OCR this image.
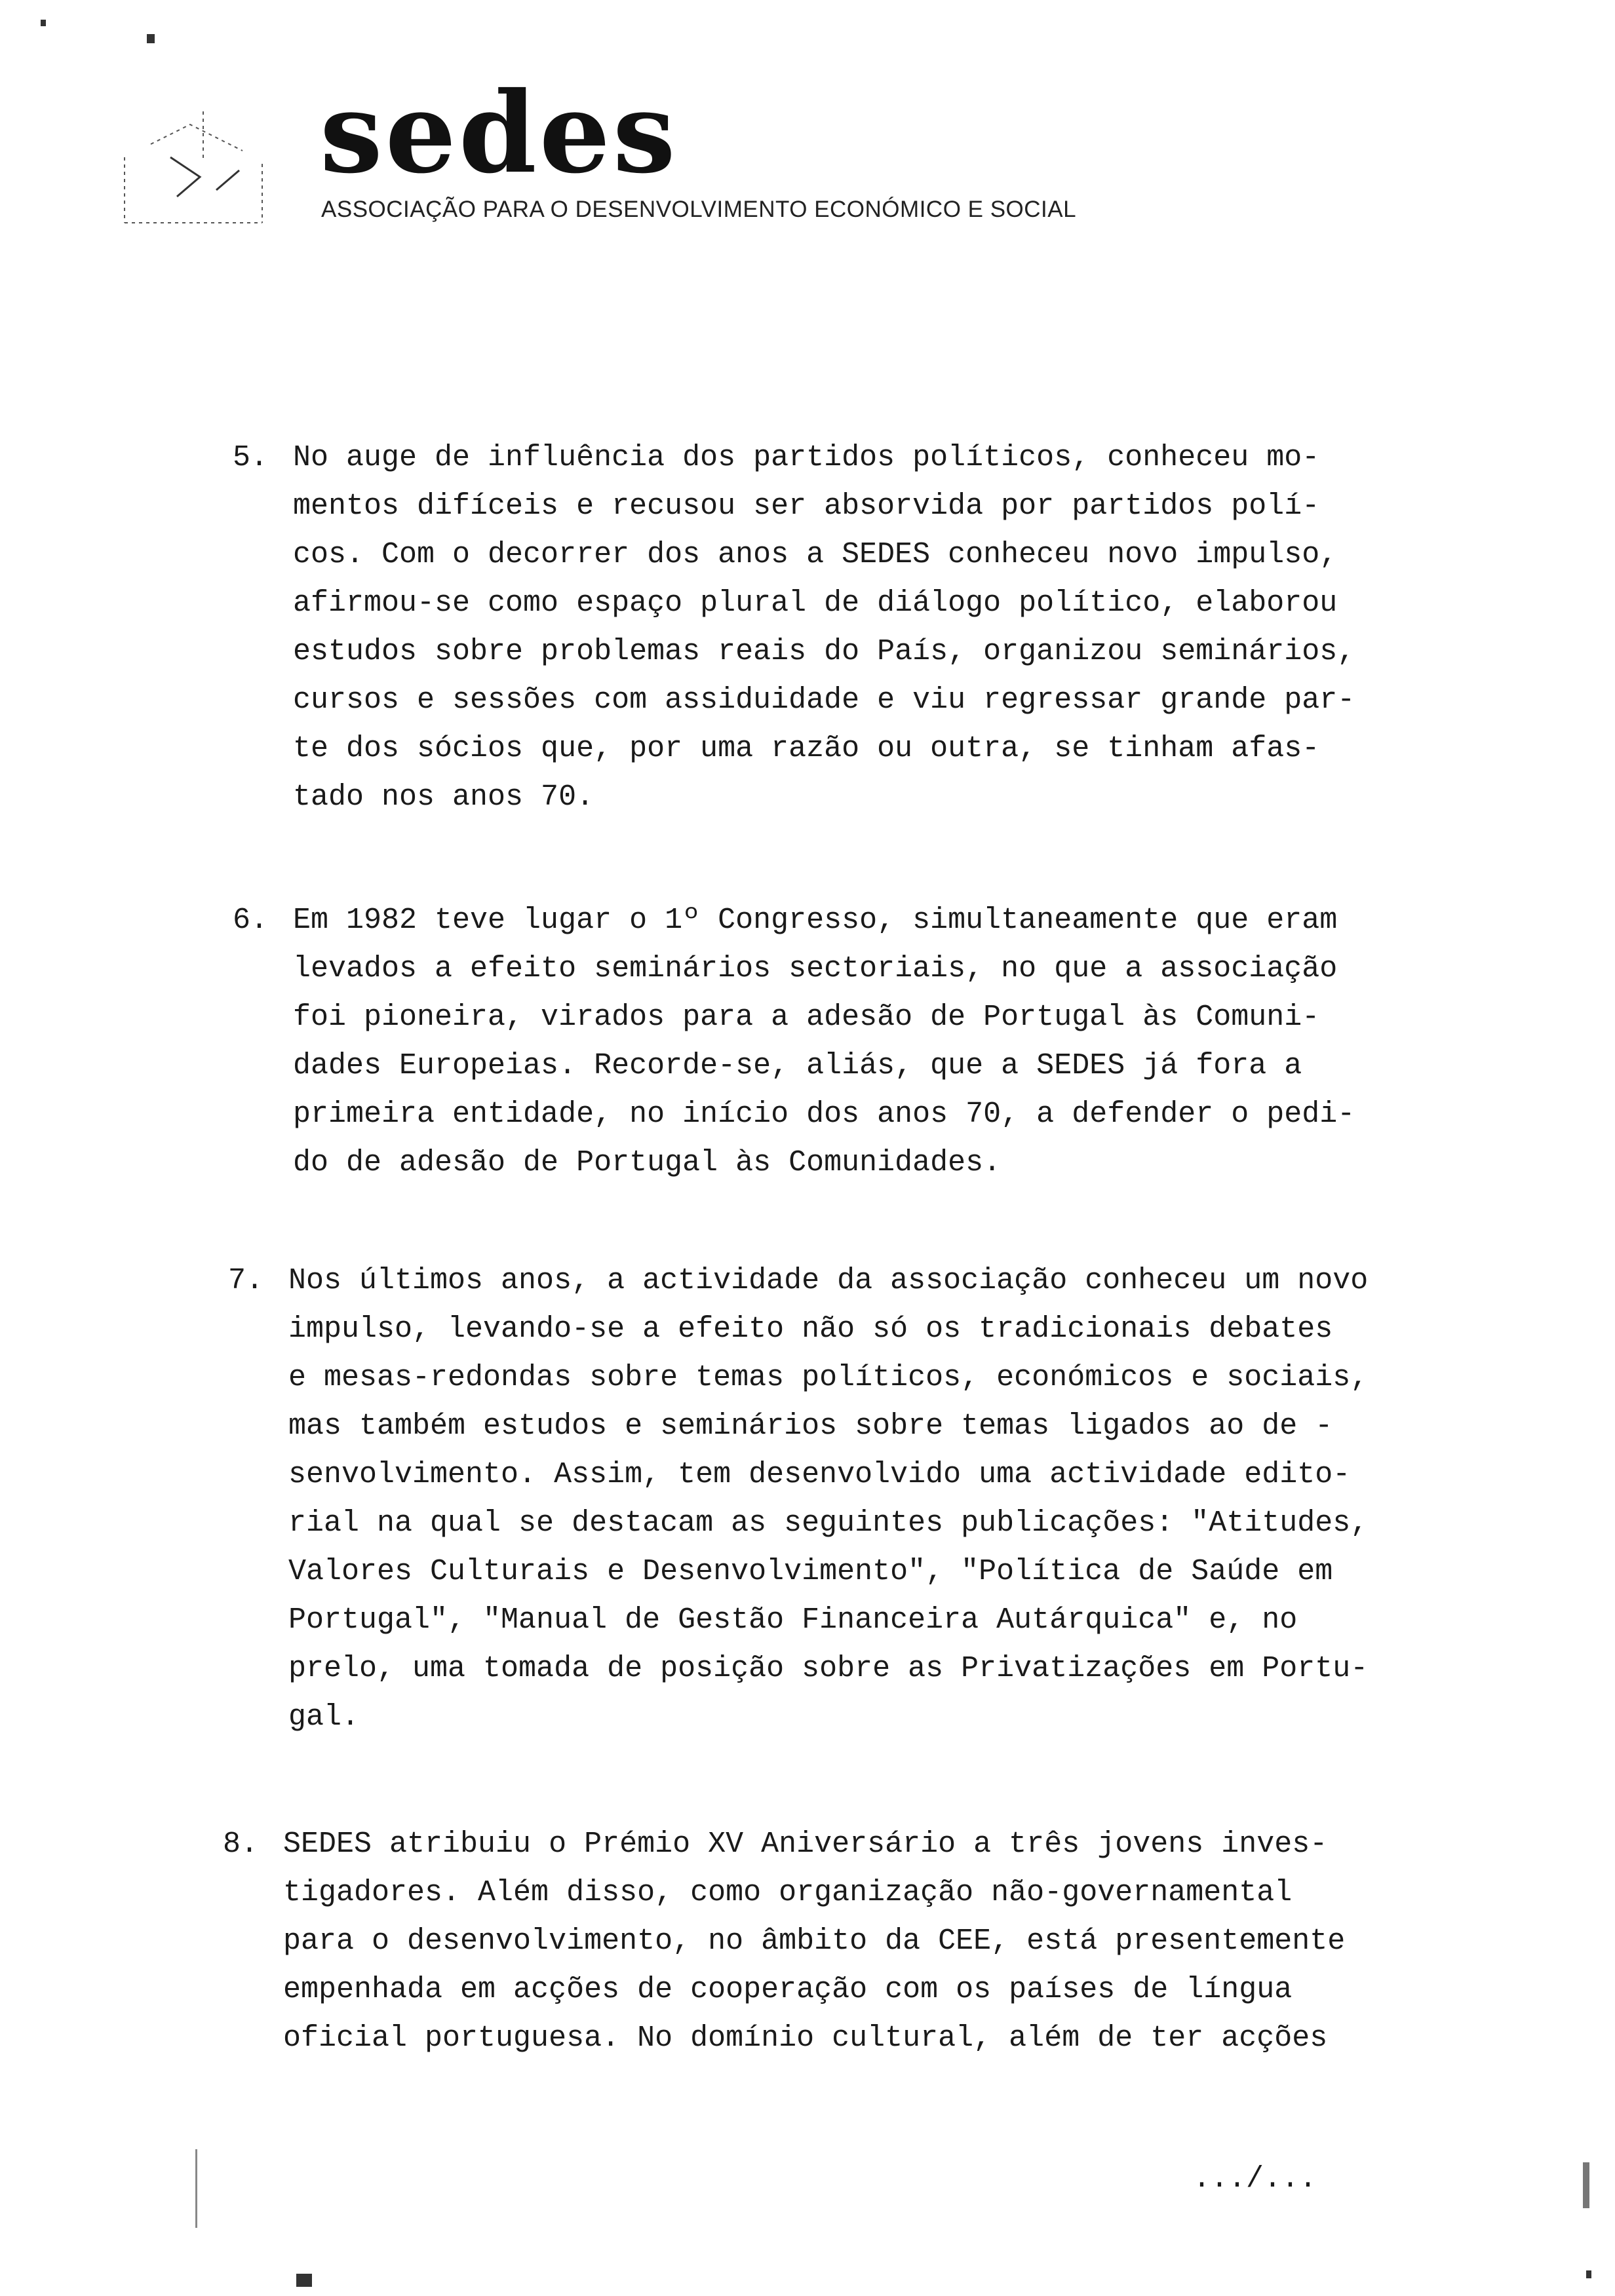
sedes
ASSOCIAÇÃO PARA O DESENVOLVIMENTO ECONÓMICO E SOCIAL
5. No auge de influência dos partidos políticos, conheceu mo-
mentos difíceis e recusou ser absorvida por partidos polí-
cos. Com o decorrer dos anos a SEDES conheceu novo impulso,
afirmou-se como espaço plural de diálogo político, elaborou
estudos sobre problemas reais do País, organizou seminários,
cursos e sessões com assiduidade e viu regressar grande par-
te dos sócios que, por uma razão ou outra, se tinham afas-
tado nos anos 70.
6. Em 1982 teve lugar o 1º Congresso, simultaneamente que eram
levados a efeito seminários sectoriais, no que a associação
foi pioneira, virados para a adesão de Portugal às Comuni-
dades Europeias. Recorde-se, aliás, que a SEDES já fora a
primeira entidade, no início dos anos 70, a defender o pedi-
do de adesão de Portugal às Comunidades.
7. Nos últimos anos, a actividade da associação conheceu um novo
impulso, levando-se a efeito não só os tradicionais debates
e mesas-redondas sobre temas políticos, económicos e sociais,
mas também estudos e seminários sobre temas ligados ao de -
senvolvimento. Assim, tem desenvolvido uma actividade edito-
rial na qual se destacam as seguintes publicações: "Atitudes,
Valores Culturais e Desenvolvimento", "Política de Saúde em
Portugal", "Manual de Gestão Financeira Autárquica" e, no
prelo, uma tomada de posição sobre as Privatizações em Portu-
gal.
8. SEDES atribuiu o Prémio XV Aniversário a três jovens inves-
tigadores. Além disso, como organização não-governamental
para o desenvolvimento, no âmbito da CEE, está presentemente
empenhada em acções de cooperação com os países de língua
oficial portuguesa. No domínio cultural, além de ter acções
.../...
